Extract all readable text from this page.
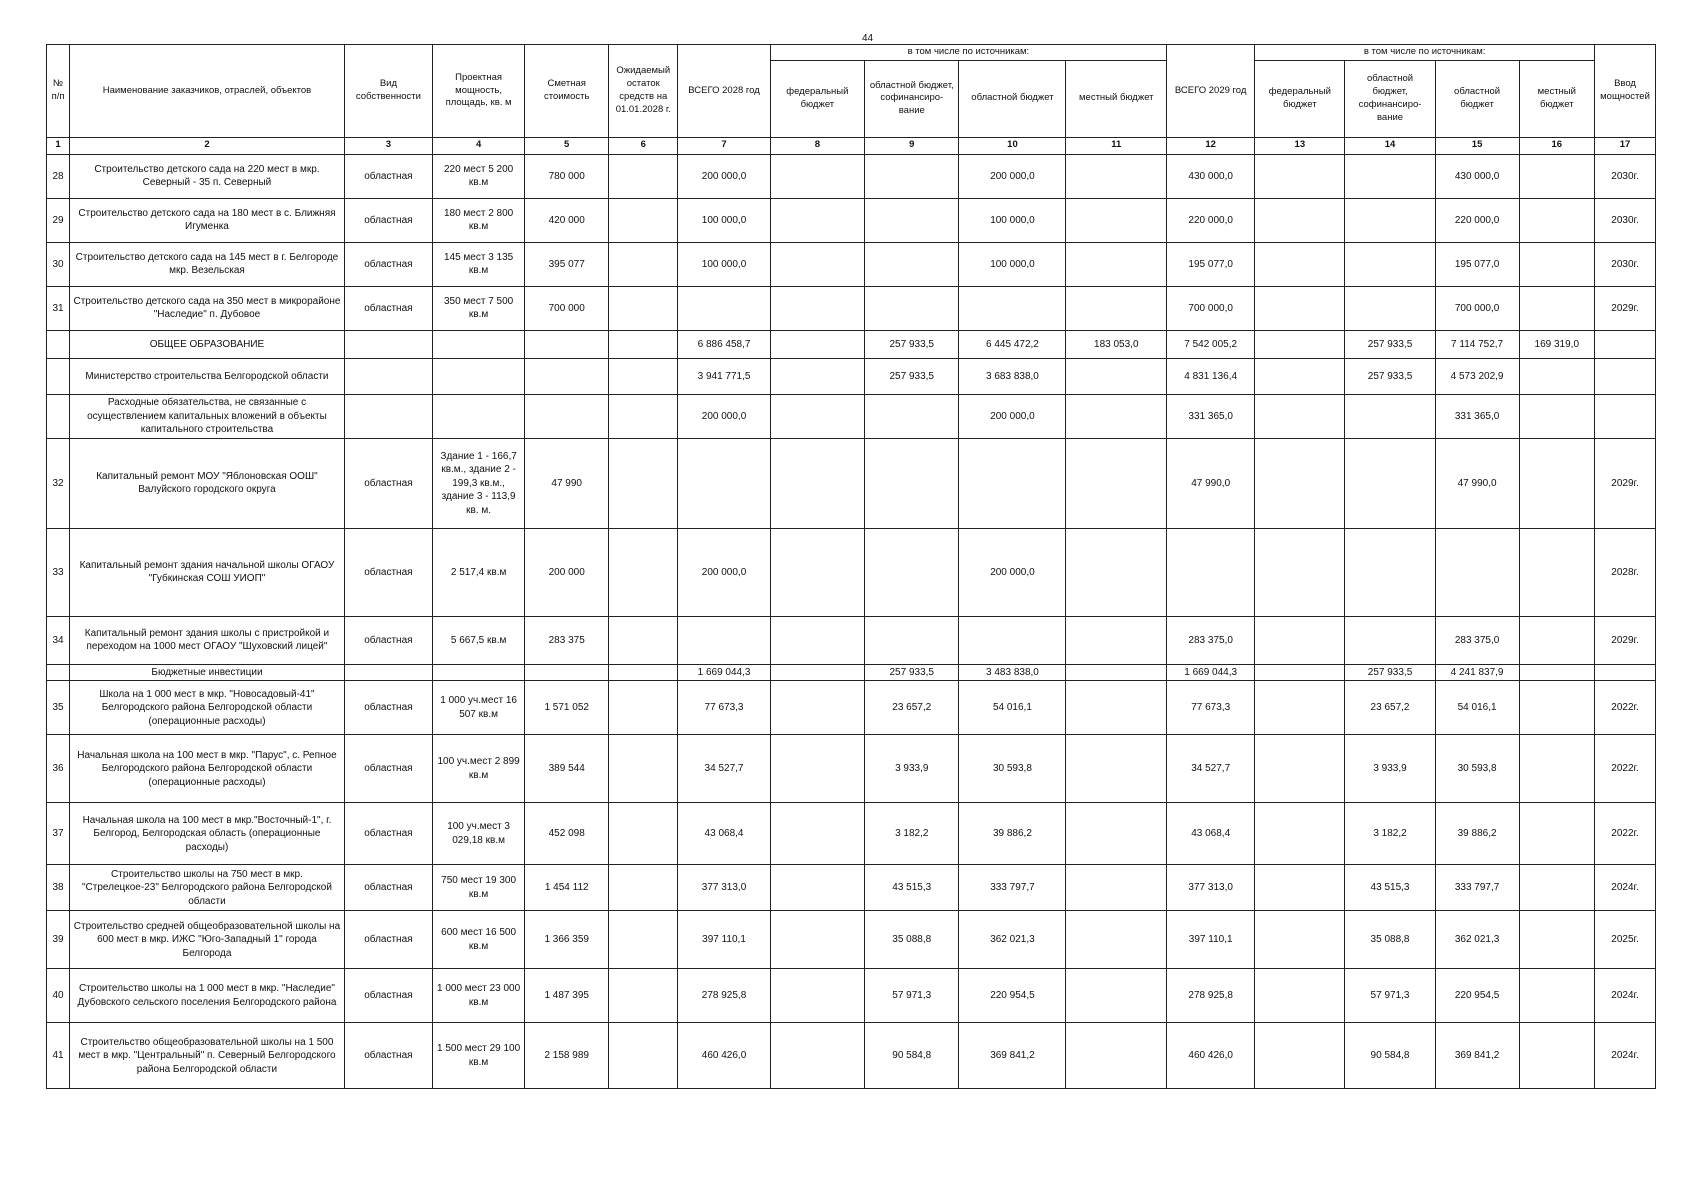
44
№ п/п	Наименование заказчиков, отраслей, объектов	Вид собственности	Проектная мощность, площадь, кв. м	Сметная стоимость	Ожидаемый остаток средств на 01.01.2028 г.	ВСЕГО 2028 год	в том числе по источникам:				ВСЕГО 2029 год	в том числе по источникам:				Ввод мощностей
							федеральный бюджет	областной бюджет, софинансиро-вание	областной бюджет	местный бюджет		федеральный бюджет	областной бюджет, софинансиро-вание	областной бюджет	местный бюджет	
1	2	3	4	5	6	7	8	9	10	11	12	13	14	15	16	17
28	Строительство детского сада на 220 мест в мкр. Северный - 35 п. Северный	областная	220 мест 5 200 кв.м	780 000		200 000,0			200 000,0		430 000,0			430 000,0		2030г.
29	Строительство детского сада на 180 мест в с. Ближняя Игуменка	областная	180 мест 2 800 кв.м	420 000		100 000,0			100 000,0		220 000,0			220 000,0		2030г.
30	Строительство детского сада на 145 мест в г. Белгороде мкр. Везельская	областная	145 мест 3 135 кв.м	395 077		100 000,0			100 000,0		195 077,0			195 077,0		2030г.
31	Строительство детского сада на 350 мест в микрорайоне "Наследие" п. Дубовое	областная	350 мест 7 500 кв.м	700 000							700 000,0			700 000,0		2029г.
	ОБЩЕЕ ОБРАЗОВАНИЕ					6 886 458,7		257 933,5	6 445 472,2	183 053,0	7 542 005,2		257 933,5	7 114 752,7	169 319,0	
	Министерство строительства Белгородской области					3 941 771,5		257 933,5	3 683 838,0		4 831 136,4		257 933,5	4 573 202,9		
	Расходные обязательства, не связанные с осуществлением капитальных вложений в объекты капитального строительства					200 000,0			200 000,0		331 365,0			331 365,0		
32	Капитальный ремонт МОУ "Яблоновская ООШ" Валуйского городского округа	областная	Здание 1 - 166,7 кв.м., здание 2 - 199,3 кв.м., здание 3 - 113,9 кв. м.	47 990							47 990,0			47 990,0		2029г.
33	Капитальный ремонт здания начальной школы ОГАОУ "Губкинская СОШ УИОП"	областная	2 517,4 кв.м	200 000		200 000,0			200 000,0							2028г.
34	Капитальный ремонт здания школы с пристройкой и переходом на 1000 мест ОГАОУ "Шуховский лицей"	областная	5 667,5 кв.м	283 375							283 375,0			283 375,0		2029г.
	Бюджетные инвестиции					1 669 044,3		257 933,5	3 483 838,0		1 669 044,3		257 933,5	4 241 837,9		
35	Школа на 1 000 мест в мкр. "Новосадовый-41" Белгородского района Белгородской области (операционные расходы)	областная	1 000 уч.мест 16 507 кв.м	1 571 052		77 673,3		23 657,2	54 016,1		77 673,3		23 657,2	54 016,1		2022г.
36	Начальная школа на 100 мест в мкр. "Парус", с. Репное Белгородского района Белгородской области (операционные расходы)	областная	100 уч.мест 2 899 кв.м	389 544		34 527,7		3 933,9	30 593,8		34 527,7		3 933,9	30 593,8		2022г.
37	Начальная школа на 100 мест в мкр."Восточный-1", г. Белгород, Белгородская область (операционные расходы)	областная	100 уч.мест 3 029,18 кв.м	452 098		43 068,4		3 182,2	39 886,2		43 068,4		3 182,2	39 886,2		2022г.
38	Строительство школы на 750 мест в мкр. "Стрелецкое-23" Белгородского района Белгородской области	областная	750 мест 19 300 кв.м	1 454 112		377 313,0		43 515,3	333 797,7		377 313,0		43 515,3	333 797,7		2024г.
39	Строительство средней общеобразовательной школы на 600 мест в мкр. ИЖС "Юго-Западный 1" города Белгорода	областная	600 мест 16 500 кв.м	1 366 359		397 110,1		35 088,8	362 021,3		397 110,1		35 088,8	362 021,3		2025г.
40	Строительство школы на 1 000 мест в мкр. "Наследие" Дубовского сельского поселения Белгородского района	областная	1 000 мест 23 000 кв.м	1 487 395		278 925,8		57 971,3	220 954,5		278 925,8		57 971,3	220 954,5		2024г.
41	Строительство общеобразовательной школы на 1 500 мест в мкр. "Центральный" п. Северный Белгородского района Белгородской области	областная	1 500 мест 29 100 кв.м	2 158 989		460 426,0		90 584,8	369 841,2		460 426,0		90 584,8	369 841,2		2024г.
